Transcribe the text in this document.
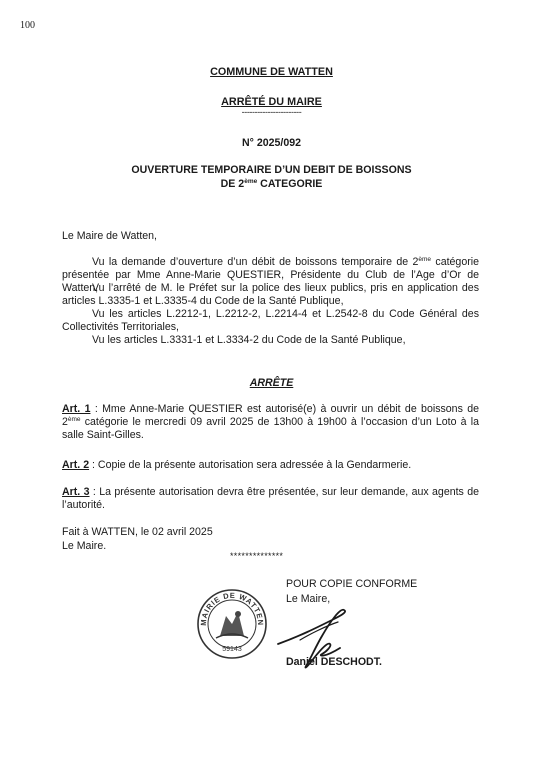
100
COMMUNE DE WATTEN
ARRÊTÉ DU MAIRE
-----------------------
N° 2025/092
OUVERTURE TEMPORAIRE D’UN DEBIT DE BOISSONS
DE 2ème CATEGORIE
Le Maire de Watten,
Vu la demande d’ouverture d’un débit de boissons temporaire de 2ème catégorie présentée par Mme Anne-Marie QUESTIER, Présidente du Club de l’Age d’Or de Watten,
Vu l’arrêté de M. le Préfet sur la police des lieux publics, pris en application des articles L.3335-1 et L.3335-4 du Code de la Santé Publique,
Vu les articles L.2212-1, L.2212-2, L.2214-4 et L.2542-8 du Code Général des Collectivités Territoriales,
Vu les articles L.3331-1 et L.3334-2 du Code de la Santé Publique,
ARRÊTE
Art. 1 : Mme Anne-Marie QUESTIER est autorisé(e) à ouvrir un débit de boissons de 2ème catégorie le mercredi 09 avril 2025 de 13h00 à 19h00 à l’occasion d’un Loto à la salle Saint-Gilles.
Art. 2 : Copie de la présente autorisation sera adressée à la Gendarmerie.
Art. 3 : La présente autorisation devra être présentée, sur leur demande, aux agents de l’autorité.
Fait à WATTEN, le 02 avril 2025
Le Maire.
**************
POUR COPIE CONFORME
Le Maire,
MAIRIE DE WATTEN
59143
Daniel DESCHODT.
